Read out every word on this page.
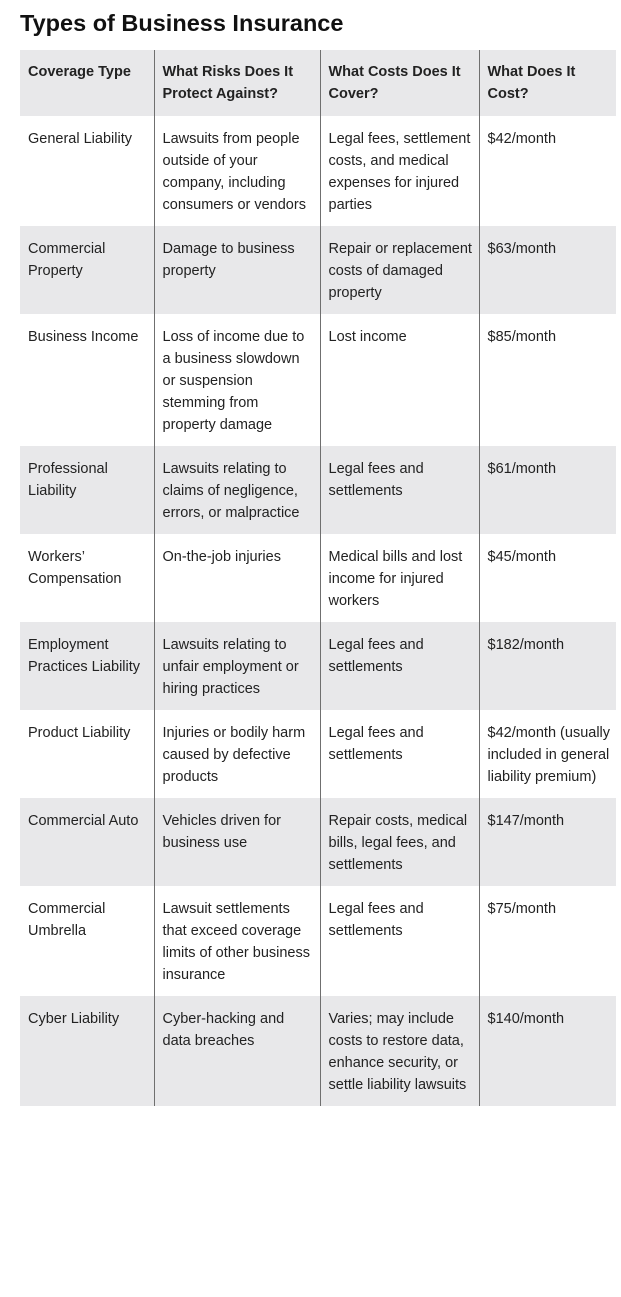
Types of Business Insurance
Coverage Type	What Risks Does It Protect Against?	What Costs Does It Cover?	What Does It Cost?
General Liability	Lawsuits from people outside of your company, including consumers or vendors	Legal fees, settlement costs, and medical expenses for injured parties	$42/month
Commercial Property	Damage to business property	Repair or replacement costs of damaged property	$63/month
Business Income	Loss of income due to a business slowdown or suspension stemming from property damage	Lost income	$85/month
Professional Liability	Lawsuits relating to claims of negligence, errors, or malpractice	Legal fees and settlements	$61/month
Workers’ Compensation	On-the-job injuries	Medical bills and lost income for injured workers	$45/month
Employment Practices Liability	Lawsuits relating to unfair employment or hiring practices	Legal fees and settlements	$182/month
Product Liability	Injuries or bodily harm caused by defective products	Legal fees and settlements	$42/month (usually included in general liability premium)
Commercial Auto	Vehicles driven for business use	Repair costs, medical bills, legal fees, and settlements	$147/month
Commercial Umbrella	Lawsuit settlements that exceed coverage limits of other business insurance	Legal fees and settlements	$75/month
Cyber Liability	Cyber-hacking and data breaches	Varies; may include costs to restore data, enhance security, or settle liability lawsuits	$140/month
